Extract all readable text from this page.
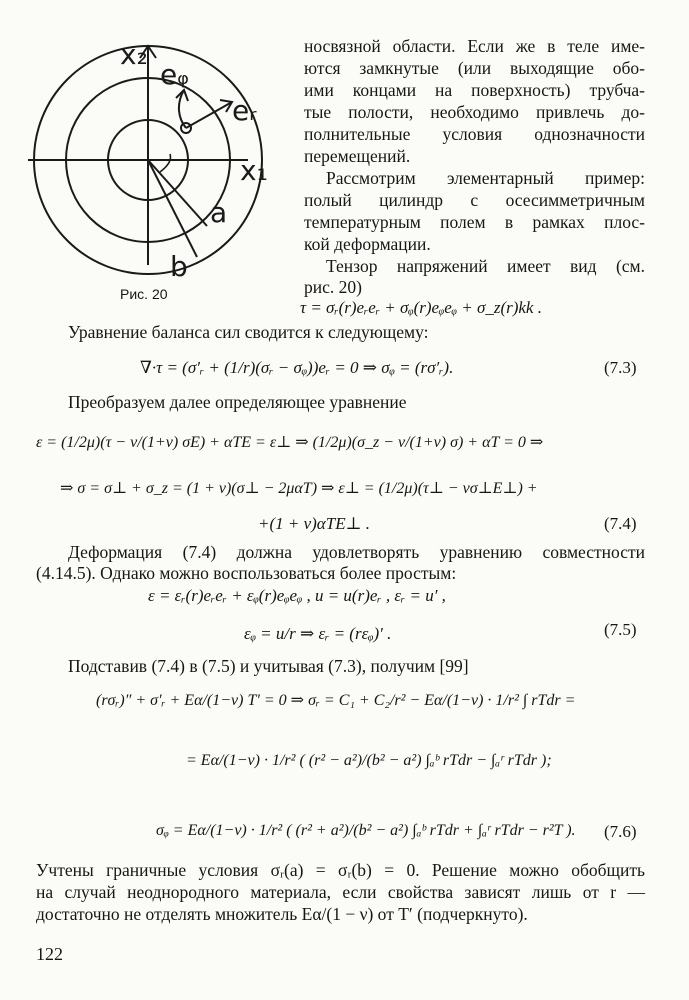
x₂
x₁
eᵩ
eᵣ
a
b
Рис. 20
носвязной области. Если же в теле име-
ются замкнутые (или выходящие обо-
ими концами на поверхность) трубча-
тые полости, необходимо привлечь до-
полнительные условия однозначности
перемещений.
Рассмотрим элементарный пример:
полый цилиндр с осесимметричным
температурным полем в рамках плос-
кой деформации.
Тензор напряжений имеет вид (см.
рис. 20)
τ = σᵣ(r)eᵣeᵣ + σᵩ(r)eᵩeᵩ + σ_z(r)kk .
Уравнение баланса сил сводится к следующему:
∇·τ = (σ′ᵣ + (1/r)(σᵣ − σᵩ))eᵣ = 0 ⇒ σᵩ = (rσ′ᵣ).	(7.3)
Преобразуем далее определяющее уравнение
ε = (1/2μ)(τ − ν/(1+ν) σE) + αTE = ε⊥ ⇒ (1/2μ)(σ_z − ν/(1+ν) σ) + αT = 0 ⇒
⇒ σ = σ⊥ + σ_z = (1 + ν)(σ⊥ − 2μαT) ⇒ ε⊥ = (1/2μ)(τ⊥ − νσ⊥E⊥) +
+(1 + ν)αTE⊥ .	(7.4)
Деформация (7.4) должна удовлетворять уравнению совместности
(4.14.5). Однако можно воспользоваться более простым:
ε = εᵣ(r)eᵣeᵣ + εᵩ(r)eᵩeᵩ , u = u(r)eᵣ , εᵣ = u′ ,
εᵩ = u/r ⇒ εᵣ = (rεᵩ)′ .	(7.5)
Подставив (7.4) в (7.5) и учитывая (7.3), получим [99]
(rσᵣ)″ + σ′ᵣ + Eα/(1−ν) T′ = 0 ⇒ σᵣ = C₁ + C₂/r² − Eα/(1−ν) · 1/r² ∫ rTdr =
= Eα/(1−ν) · 1/r² ( (r² − a²)/(b² − a²) ∫ₐᵇ rTdr − ∫ₐʳ rTdr );
σᵩ = Eα/(1−ν) · 1/r² ( (r² + a²)/(b² − a²) ∫ₐᵇ rTdr + ∫ₐʳ rTdr − r²T ). (7.6)
Учтены граничные условия σᵣ(a) = σᵣ(b) = 0. Решение можно обобщить
на случай неоднородного материала, если свойства зависят лишь от r —
достаточно не отделять множитель Eα/(1 − ν) от T′ (подчеркнуто).
122
